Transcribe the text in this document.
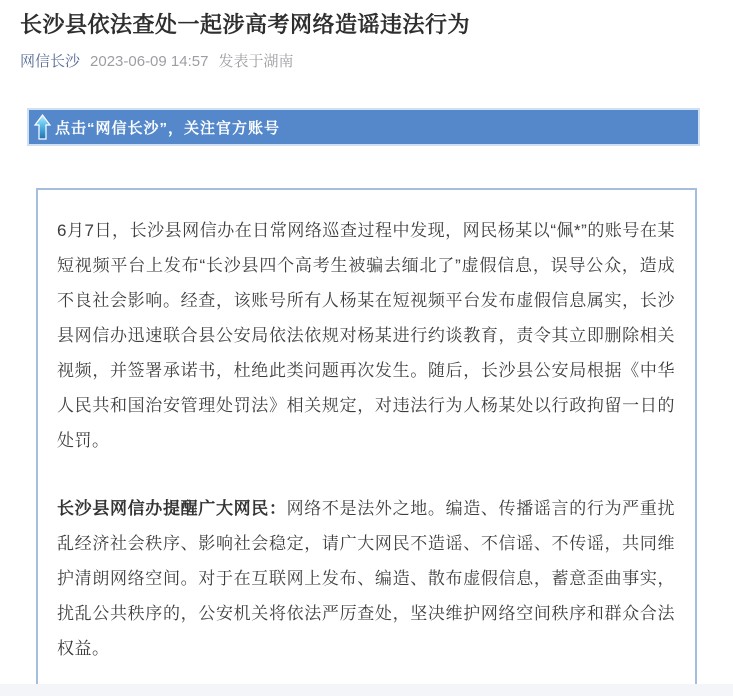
长沙县依法查处一起涉高考网络造谣违法行为
网信长沙 2023-06-09 14:57 发表于湖南
点击“网信长沙”，关注官方账号

6月7日，长沙县网信办在日常网络巡查过程中发现，网民杨某以“佩*”的账号在某短视频平台上发布“长沙县四个高考生被骗去缅北了”虚假信息，误导公众，造成不良社会影响。经查，该账号所有人杨某在短视频平台发布虚假信息属实，长沙县网信办迅速联合县公安局依法依规对杨某进行约谈教育，责令其立即删除相关视频，并签署承诺书，杜绝此类问题再次发生。随后，长沙县公安局根据《中华人民共和国治安管理处罚法》相关规定，对违法行为人杨某处以行政拘留一日的处罚。

长沙县网信办提醒广大网民：网络不是法外之地。编造、传播谣言的行为严重扰乱经济社会秩序、影响社会稳定，请广大网民不造谣、不信谣、不传谣，共同维护清朗网络空间。对于在互联网上发布、编造、散布虚假信息，蓄意歪曲事实，扰乱公共秩序的，公安机关将依法严厉查处，坚决维护网络空间秩序和群众合法权益。
